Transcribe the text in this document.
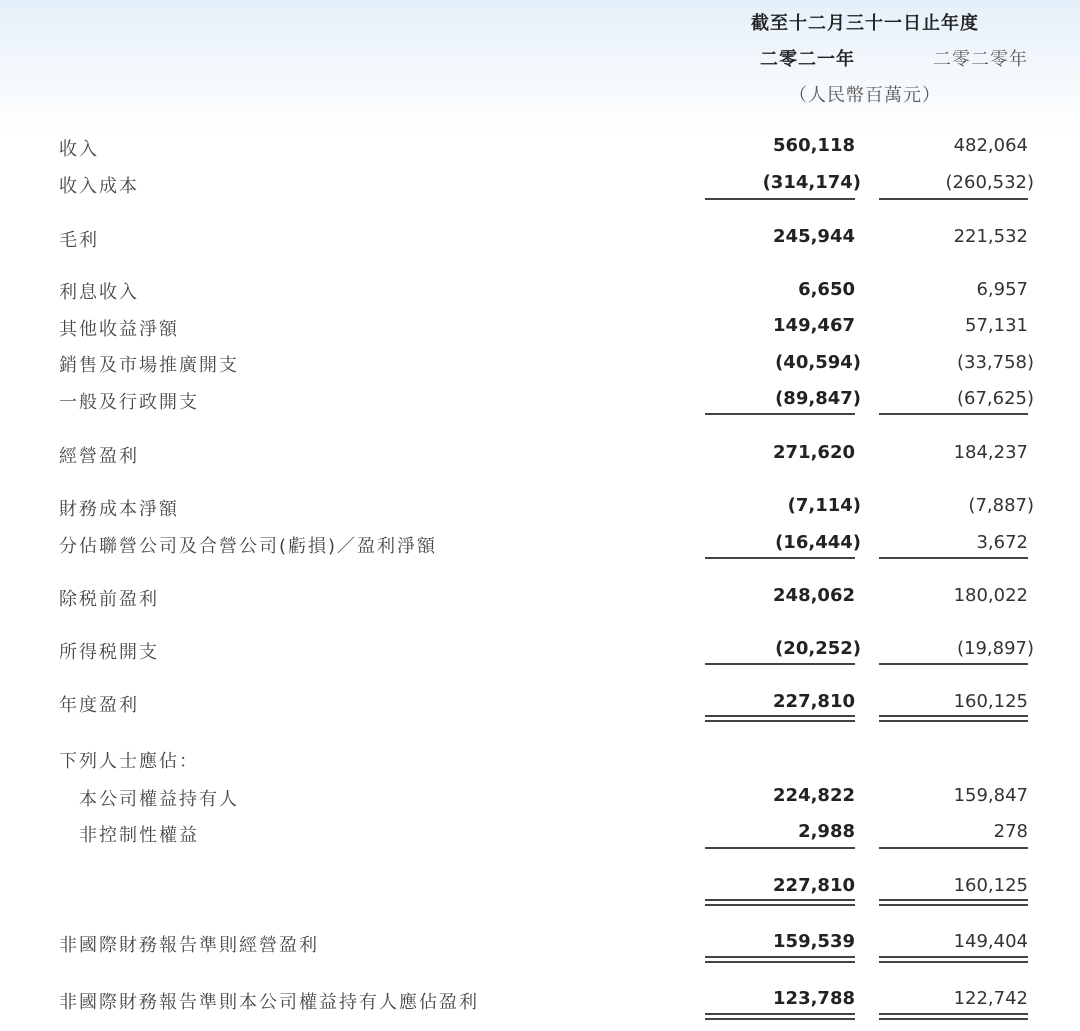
截至十二月三十一日止年度
二零二一年	二零二零年
（人民幣百萬元）
收入	560,118	482,064
收入成本	(314,174)	(260,532)
毛利	245,944	221,532
利息收入	6,650	6,957
其他收益淨額	149,467	57,131
銷售及市場推廣開支	(40,594)	(33,758)
一般及行政開支	(89,847)	(67,625)
經營盈利	271,620	184,237
財務成本淨額	(7,114)	(7,887)
分佔聯營公司及合營公司(虧損)／盈利淨額	(16,444)	3,672
除税前盈利	248,062	180,022
所得税開支	(20,252)	(19,897)
年度盈利	227,810	160,125
下列人士應佔：
本公司權益持有人	224,822	159,847
非控制性權益	2,988	278
227,810	160,125
非國際財務報告準則經營盈利	159,539	149,404
非國際財務報告準則本公司權益持有人應佔盈利	123,788	122,742
